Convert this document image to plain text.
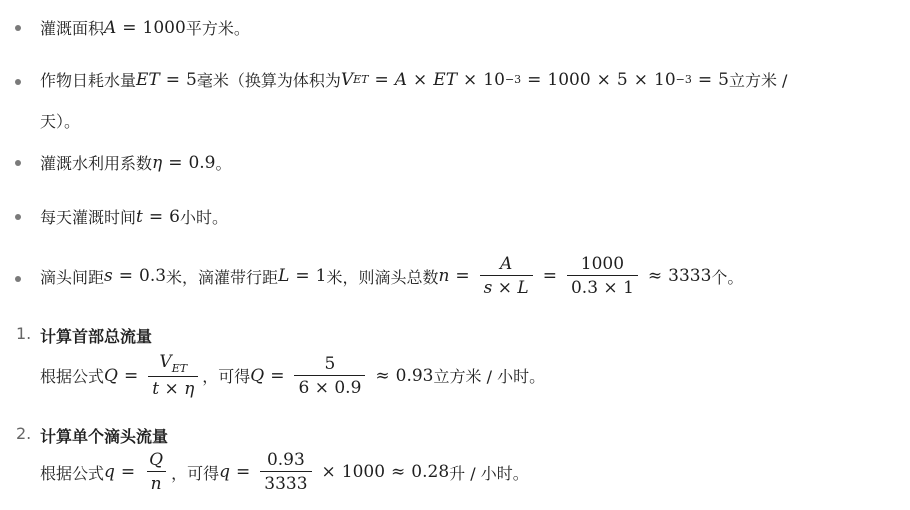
灌溉面积 A = 1000 平方米。
作物日耗水量 ET = 5 毫米（换算为体积为 V ET = A × ET × 10 −3 = 1000 × 5 × 10 −3 = 5 立方米 /
天）。
灌溉水利用系数 η = 0.9 。
每天灌溉时间 t = 6 小时。
滴头间距 s = 0.3 米，滴灌带行距 L = 1 米，则滴头总数 $n = \frac{A}{s \times L} = \frac{1000}{0.3 \times 1} \approx 3333$ 个。
1. 计算首部总流量
根据公式 $Q = \frac{V_{ET}}{t \times \eta}$ ，可得 $Q = \frac{5}{6 \times 0.9} \approx 0.93$ 立方米 / 小时。
2. 计算单个滴头流量
根据公式 $q = \frac{Q}{n}$ ，可得 $q = \frac{0.93}{3333} \times 1000 \approx 0.28$ 升 / 小时。
